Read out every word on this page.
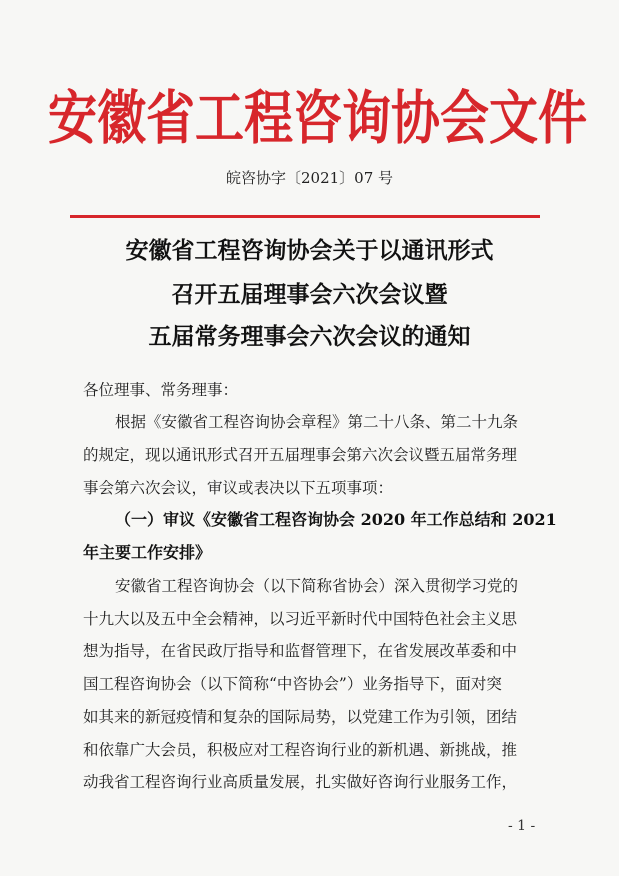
安徽省工程咨询协会文件
皖咨协字〔2021〕07 号
安徽省工程咨询协会关于以通讯形式
召开五届理事会六次会议暨
五届常务理事会六次会议的通知
各位理事、常务理事：
根据《安徽省工程咨询协会章程》第二十八条、第二十九条
的规定，现以通讯形式召开五届理事会第六次会议暨五届常务理
事会第六次会议，审议或表决以下五项事项：
（一）审议《安徽省工程咨询协会 2020 年工作总结和 2021
年主要工作安排》
安徽省工程咨询协会（以下简称省协会）深入贯彻学习党的
十九大以及五中全会精神，以习近平新时代中国特色社会主义思
想为指导，在省民政厅指导和监督管理下，在省发展改革委和中
国工程咨询协会（以下简称“中咨协会”）业务指导下，面对突
如其来的新冠疫情和复杂的国际局势，以党建工作为引领，团结
和依靠广大会员，积极应对工程咨询行业的新机遇、新挑战，推
动我省工程咨询行业高质量发展，扎实做好咨询行业服务工作，
- 1 -
